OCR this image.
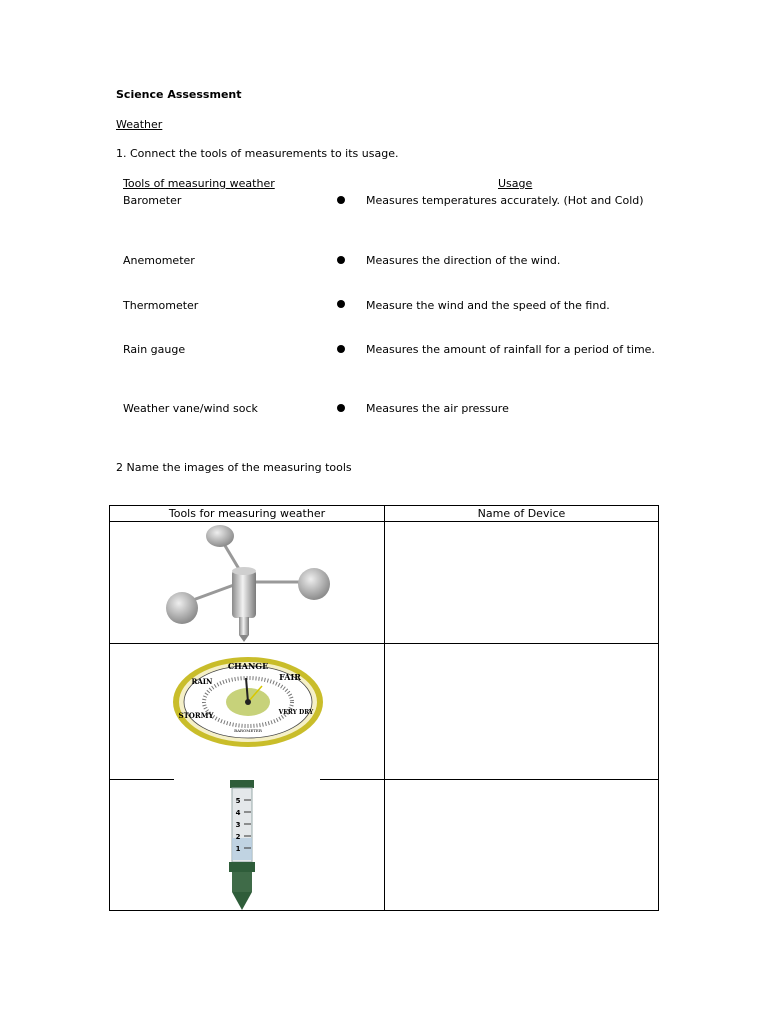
Science Assessment
Weather
1. Connect the tools of measurements to its usage.
Tools of measuring weather	Usage
Barometer
Anemometer
Thermometer
Rain gauge
Weather vane/wind sock
Measures temperatures accurately. (Hot and Cold)
Measures the direction of the wind.
Measure the wind and the speed of the find.
Measures the amount of rainfall for a period of time.
Measures the air pressure
2 Name the images of the measuring tools
Tools for measuring weather	Name of Device
CHANGE
FAIR
VERY DRY
STORMY
RAIN
BAROMETER
5
4
3
2
1
